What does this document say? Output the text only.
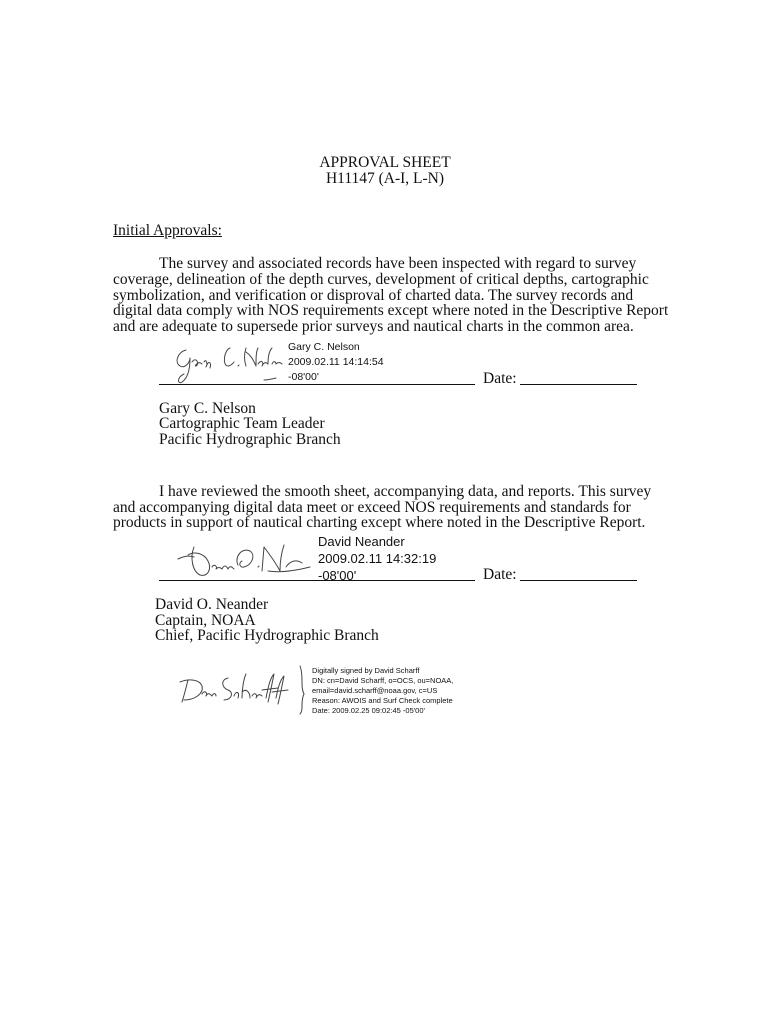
APPROVAL SHEET
H11147 (A-I, L-N)
Initial Approvals:
The survey and associated records have been inspected with regard to survey
coverage, delineation of the depth curves, development of critical depths, cartographic
symbolization, and verification or disproval of charted data. The survey records and
digital data comply with NOS requirements except where noted in the Descriptive Report
and are adequate to supersede prior surveys and nautical charts in the common area.
Gary C. Nelson
2009.02.11 14:14:54
-08'00'	Date:
Gary C. Nelson
Cartographic Team Leader
Pacific Hydrographic Branch
I have reviewed the smooth sheet, accompanying data, and reports. This survey
and accompanying digital data meet or exceed NOS requirements and standards for
products in support of nautical charting except where noted in the Descriptive Report.
David Neander
2009.02.11 14:32:19
-08'00'	Date:
David O. Neander
Captain, NOAA
Chief, Pacific Hydrographic Branch
Digitally signed by David Scharff
DN: cn=David Scharff, o=OCS, ou=NOAA,
email=david.scharff@noaa.gov, c=US
Reason: AWOIS and Surf Check complete
Date: 2009.02.25 09:02:45 -05'00'
